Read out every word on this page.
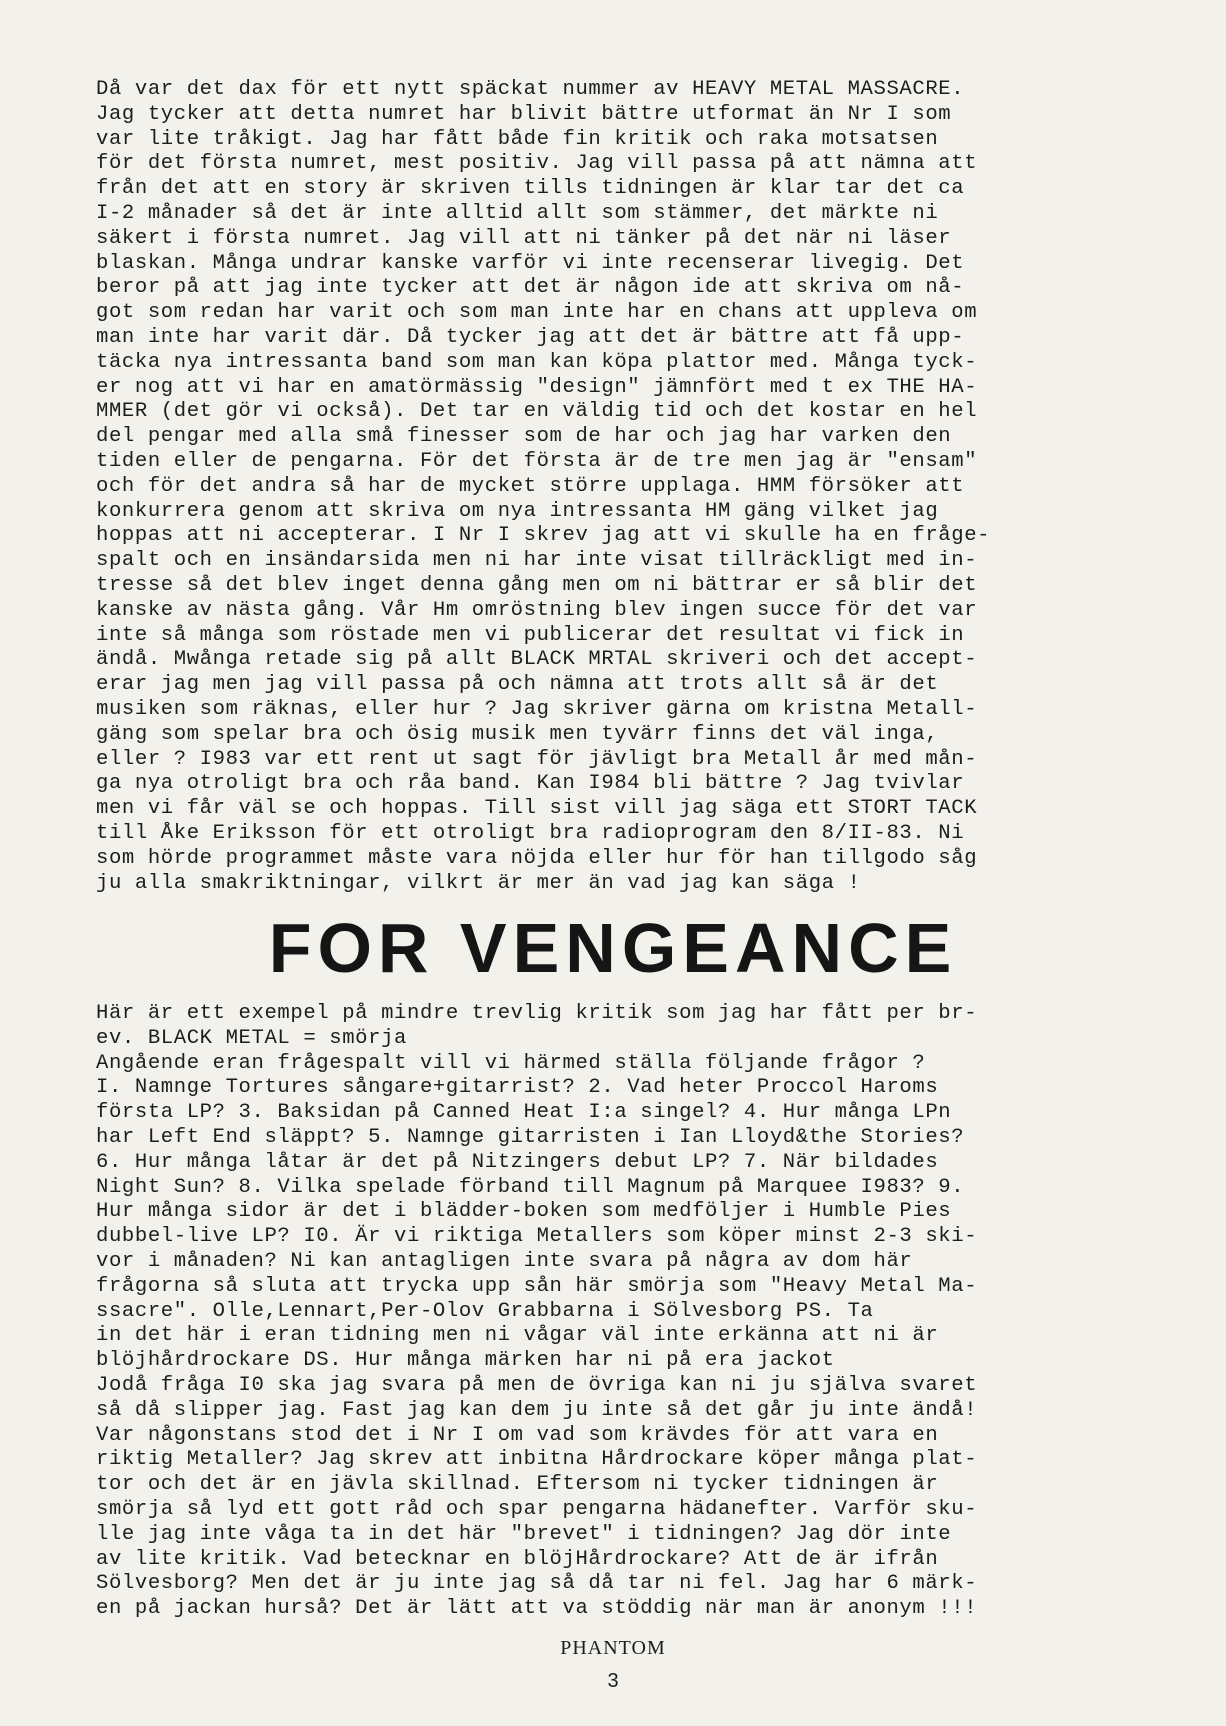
Då var det dax för ett nytt späckat nummer av HEAVY METAL MASSACRE.
Jag tycker att detta numret har blivit bättre utformat än Nr I som
var lite tråkigt. Jag har fått både fin kritik och raka motsatsen
för det första numret, mest positiv. Jag vill passa på att nämna att
från det att en story är skriven tills tidningen är klar tar det ca
I-2 månader så det är inte alltid allt som stämmer, det märkte ni
säkert i första numret. Jag vill att ni tänker på det när ni läser
blaskan. Många undrar kanske varför vi inte recenserar livegig. Det
beror på att jag inte tycker att det är någon ide att skriva om nå-
got som redan har varit och som man inte har en chans att uppleva om
man inte har varit där. Då tycker jag att det är bättre att få upp-
täcka nya intressanta band som man kan köpa plattor med. Många tyck-
er nog att vi har en amatörmässig "design" jämnfört med t ex THE HA-
MMER (det gör vi också). Det tar en väldig tid och det kostar en hel
del pengar med alla små finesser som de har och jag har varken den
tiden eller de pengarna. För det första är de tre men jag är "ensam"
och för det andra så har de mycket större upplaga. HMM försöker att
konkurrera genom att skriva om nya intressanta HM gäng vilket jag
hoppas att ni accepterar. I Nr I skrev jag att vi skulle ha en fråge-
spalt och en insändarsida men ni har inte visat tillräckligt med in-
tresse så det blev inget denna gång men om ni bättrar er så blir det
kanske av nästa gång. Vår Hm omröstning blev ingen succe för det var
inte så många som röstade men vi publicerar det resultat vi fick in
ändå. Mwånga retade sig på allt BLACK MRTAL skriveri och det accept-
erar jag men jag vill passa på och nämna att trots allt så är det
musiken som räknas, eller hur ? Jag skriver gärna om kristna Metall-
gäng som spelar bra och ösig musik men tyvärr finns det väl inga,
eller ? I983 var ett rent ut sagt för jävligt bra Metall år med mån-
ga nya otroligt bra och råa band. Kan I984 bli bättre ? Jag tvivlar
men vi får väl se och hoppas. Till sist vill jag säga ett STORT TACK
till Åke Eriksson för ett otroligt bra radioprogram den 8/II-83. Ni
som hörde programmet måste vara nöjda eller hur för han tillgodo såg
ju alla smakriktningar, vilkrt är mer än vad jag kan säga !
FOR VENGEANCE
Här är ett exempel på mindre trevlig kritik som jag har fått per br-
ev. BLACK METAL = smörja
Angående eran frågespalt vill vi härmed ställa följande frågor ?
I. Namnge Tortures sångare+gitarrist? 2. Vad heter Proccol Haroms
första LP? 3. Baksidan på Canned Heat I:a singel? 4. Hur många LPn
har Left End släppt? 5. Namnge gitarristen i Ian Lloyd&the Stories?
6. Hur många låtar är det på Nitzingers debut LP? 7. När bildades
Night Sun? 8. Vilka spelade förband till Magnum på Marquee I983? 9.
Hur många sidor är det i blädder-boken som medföljer i Humble Pies
dubbel-live LP? I0. Är vi riktiga Metallers som köper minst 2-3 ski-
vor i månaden? Ni kan antagligen inte svara på några av dom här
frågorna så sluta att trycka upp sån här smörja som "Heavy Metal Ma-
ssacre". Olle,Lennart,Per-Olov Grabbarna i Sölvesborg PS. Ta
in det här i eran tidning men ni vågar väl inte erkänna att ni är
blöjhårdrockare DS. Hur många märken har ni på era jackot
Jodå fråga I0 ska jag svara på men de övriga kan ni ju själva svaret
så då slipper jag. Fast jag kan dem ju inte så det går ju inte ändå!
Var någonstans stod det i Nr I om vad som krävdes för att vara en
riktig Metaller? Jag skrev att inbitna Hårdrockare köper många plat-
tor och det är en jävla skillnad. Eftersom ni tycker tidningen är
smörja så lyd ett gott råd och spar pengarna hädanefter. Varför sku-
lle jag inte våga ta in det här "brevet" i tidningen? Jag dör inte
av lite kritik. Vad betecknar en blöjHårdrockare? Att de är ifrån
Sölvesborg? Men det är ju inte jag så då tar ni fel. Jag har 6 märk-
en på jackan hurså? Det är lätt att va stöddig när man är anonym !!!
PHANTOM
3
